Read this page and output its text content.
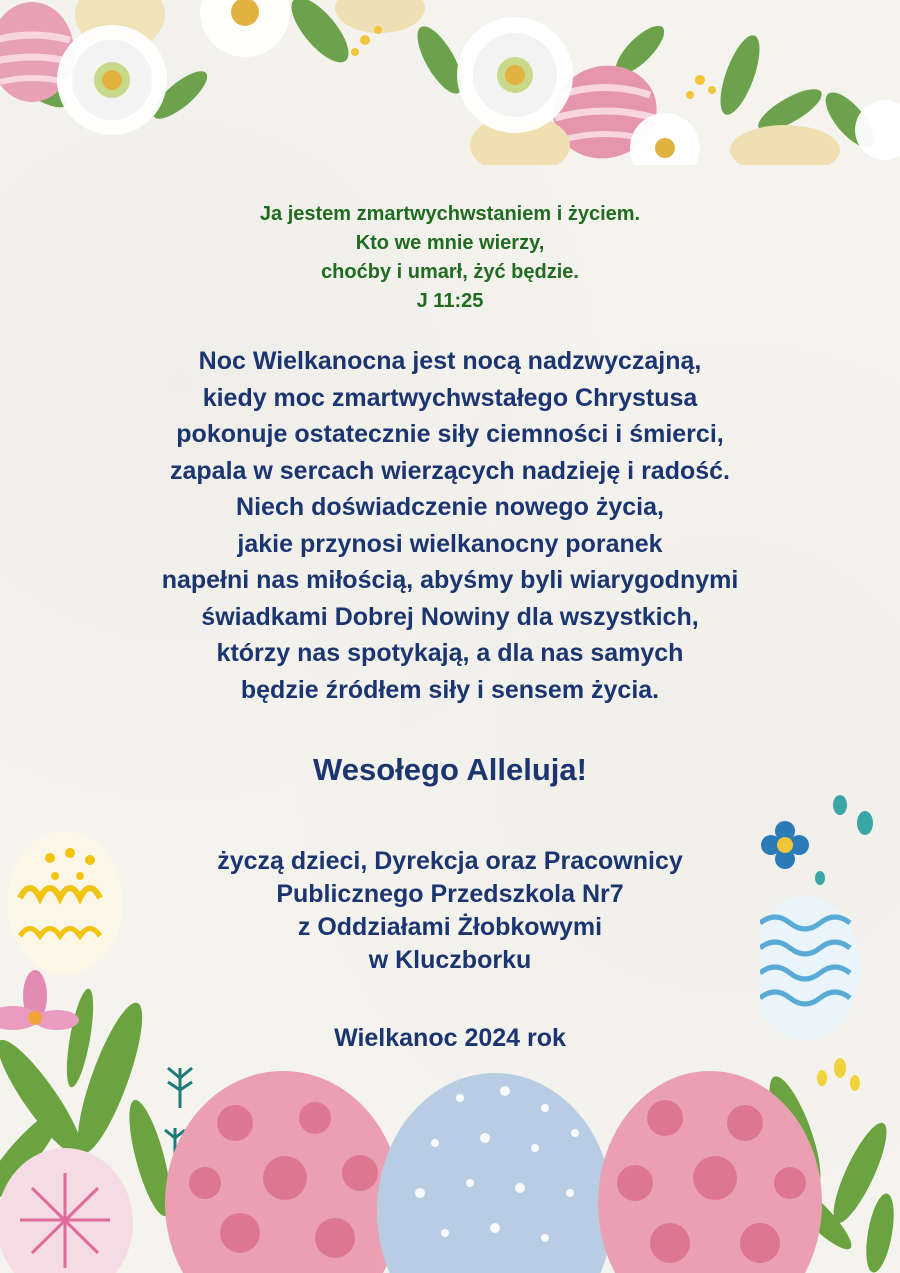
Ja jestem zmartwychwstaniem i życiem.
Kto we mnie wierzy,
choćby i umarł, żyć będzie.
J 11:25
Noc Wielkanocna jest nocą nadzwyczajną,
kiedy moc zmartwychwstałego Chrystusa
pokonuje ostatecznie siły ciemności i śmierci,
zapala w sercach wierzących nadzieję i radość.
Niech doświadczenie nowego życia,
jakie przynosi wielkanocny poranek
napełni nas miłością, abyśmy byli wiarygodnymi
świadkami Dobrej Nowiny dla wszystkich,
którzy nas spotykają, a dla nas samych
będzie źródłem siły i sensem życia.
Wesołego Alleluja!
życzą dzieci, Dyrekcja oraz Pracownicy
Publicznego Przedszkola Nr7
z Oddziałami Żłobkowymi
w Kluczborku
Wielkanoc 2024 rok
